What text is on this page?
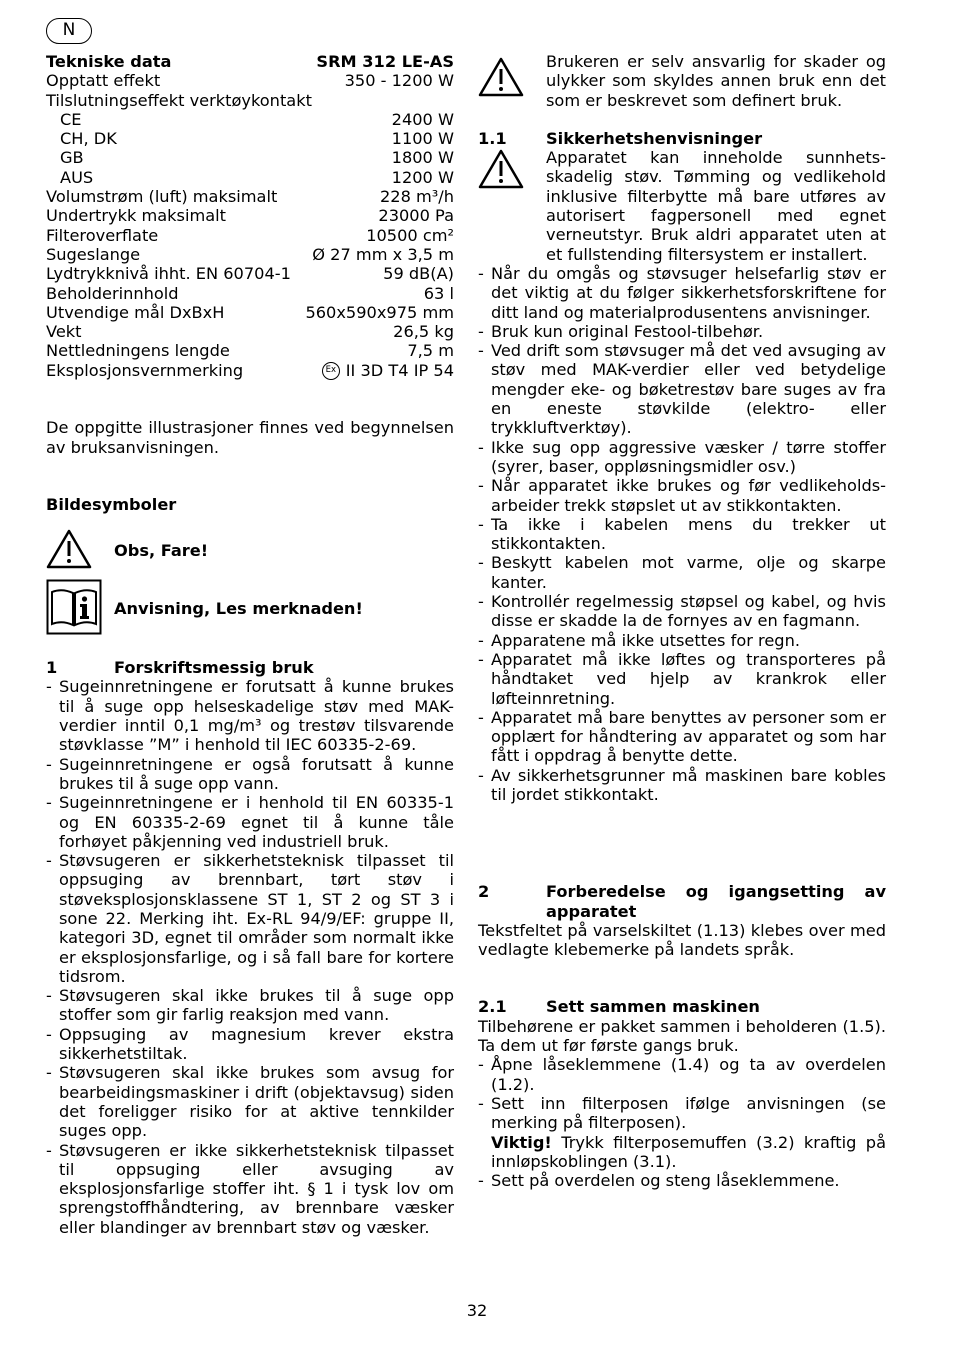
N
Tekniske data	SRM 312 LE-AS
Opptatt effekt	350 - 1200 W
Tilslutningseffekt verktøykontakt
CE	2400 W
CH, DK	1100 W
GB	1800 W
AUS	1200 W
Volumstrøm (luft) maksimalt	228 m³/h
Undertrykk maksimalt	23000 Pa
Filteroverflate	10500 cm²
Sugeslange	Ø 27 mm x 3,5 m
Lydtrykknivå ihht. EN 60704-1	59 dB(A)
Beholderinnhold	63 l
Utvendige mål DxBxH	560x590x975 mm
Vekt	26,5 kg
Nettledningens lengde	7,5 m
Eksplosjonsvernmerking	Ex II 3D T4 IP 54
De oppgitte illustrasjoner finnes ved begynnelsen av bruksanvisningen.
Bildesymboler
Obs, Fare!
Anvisning, Les merknaden!
1	Forskriftsmessig bruk
- Sugeinnretningene er forutsatt å kunne brukes til å suge opp helseskadelige støv med MAK-verdier inntil 0,1 mg/m³ og trestøv tilsvarende støvklasse ”M” i henhold til IEC 60335-2-69.
- Sugeinnretningene er også forutsatt å kunne brukes til å suge opp vann.
- Sugeinnretningene er i henhold til EN 60335-1 og EN 60335-2-69 egnet til å kunne tåle forhøyet påkjenning ved industriell bruk.
- Støvsugeren er sikkerhetsteknisk tilpasset til oppsuging av brennbart, tørt støv i støveksplosjonsklassene ST 1, ST 2 og ST 3 i sone 22. Merking iht. Ex-RL 94/9/EF: gruppe II, kategori 3D, egnet til områder som normalt ikke er eksplosjonsfarlige, og i så fall bare for kortere tidsrom.
- Støvsugeren skal ikke brukes til å suge opp stoffer som gir farlig reaksjon med vann.
- Oppsuging av magnesium krever ekstra sikkerhetstiltak.
- Støvsugeren skal ikke brukes som avsug for bearbeidingsmaskiner i drift (objektavsug) siden det foreligger risiko for at aktive tennkilder suges opp.
- Støvsugeren er ikke sikkerhetsteknisk tilpasset til oppsuging eller avsuging av eksplosjonsfarlige stoffer iht. § 1 i tysk lov om sprengstoffhåndtering, av brennbare væsker eller blandinger av brennbart støv og væsker.
Brukeren er selv ansvarlig for skader og ulykker som skyldes annen bruk enn det som er beskrevet som definert bruk.
1.1	Sikkerhetshenvisninger
Apparatet kan inneholde sunnhets-skadelig støv. Tømming og vedlikehold inklusive filterbytte må bare utføres av autorisert fagpersonell med egnet verneutstyr. Bruk aldri apparatet uten at et fullstending filtersystem er installert.
- Når du omgås og støvsuger helsefarlig støv er det viktig at du følger sikkerhetsforskriftene for ditt land og materialprodusentens anvisninger.
- Bruk kun original Festool-tilbehør.
- Ved drift som støvsuger må det ved avsuging av støv med MAK-verdier eller ved betydelige mengder eke- og bøketrestøv bare suges av fra en eneste støvkilde (elektro- eller trykkluftverktøy).
- Ikke sug opp aggressive væsker / tørre stoffer (syrer, baser, oppløsningsmidler osv.)
- Når apparatet ikke brukes og før vedlikeholds-arbeider trekk støpslet ut av stikkontakten.
- Ta ikke i kabelen mens du trekker ut stikkontakten.
- Beskytt kabelen mot varme, olje og skarpe kanter.
- Kontrollér regelmessig støpsel og kabel, og hvis disse er skadde la de fornyes av en fagmann.
- Apparatene må ikke utsettes for regn.
- Apparatet må ikke løftes og transporteres på håndtaket ved hjelp av krankrok eller løfteinnretning.
- Apparatet må bare benyttes av personer som er opplært for håndtering av apparatet og som har fått i oppdrag å benytte dette.
- Av sikkerhetsgrunner må maskinen bare kobles til jordet stikkontakt.
2	Forberedelse og igangsetting av apparatet
Tekstfeltet på varselskiltet (1.13) klebes over med vedlagte klebemerke på landets språk.
2.1	Sett sammen maskinen
Tilbehørene er pakket sammen i beholderen (1.5). Ta dem ut før første gangs bruk.
- Åpne låseklemmene (1.4) og ta av overdelen (1.2).
- Sett inn filterposen ifølge anvisningen (se merking på filterposen).
Viktig! Trykk filterposemuffen (3.2) kraftig på innløpskoblingen (3.1).
- Sett på overdelen og steng låseklemmene.
32
